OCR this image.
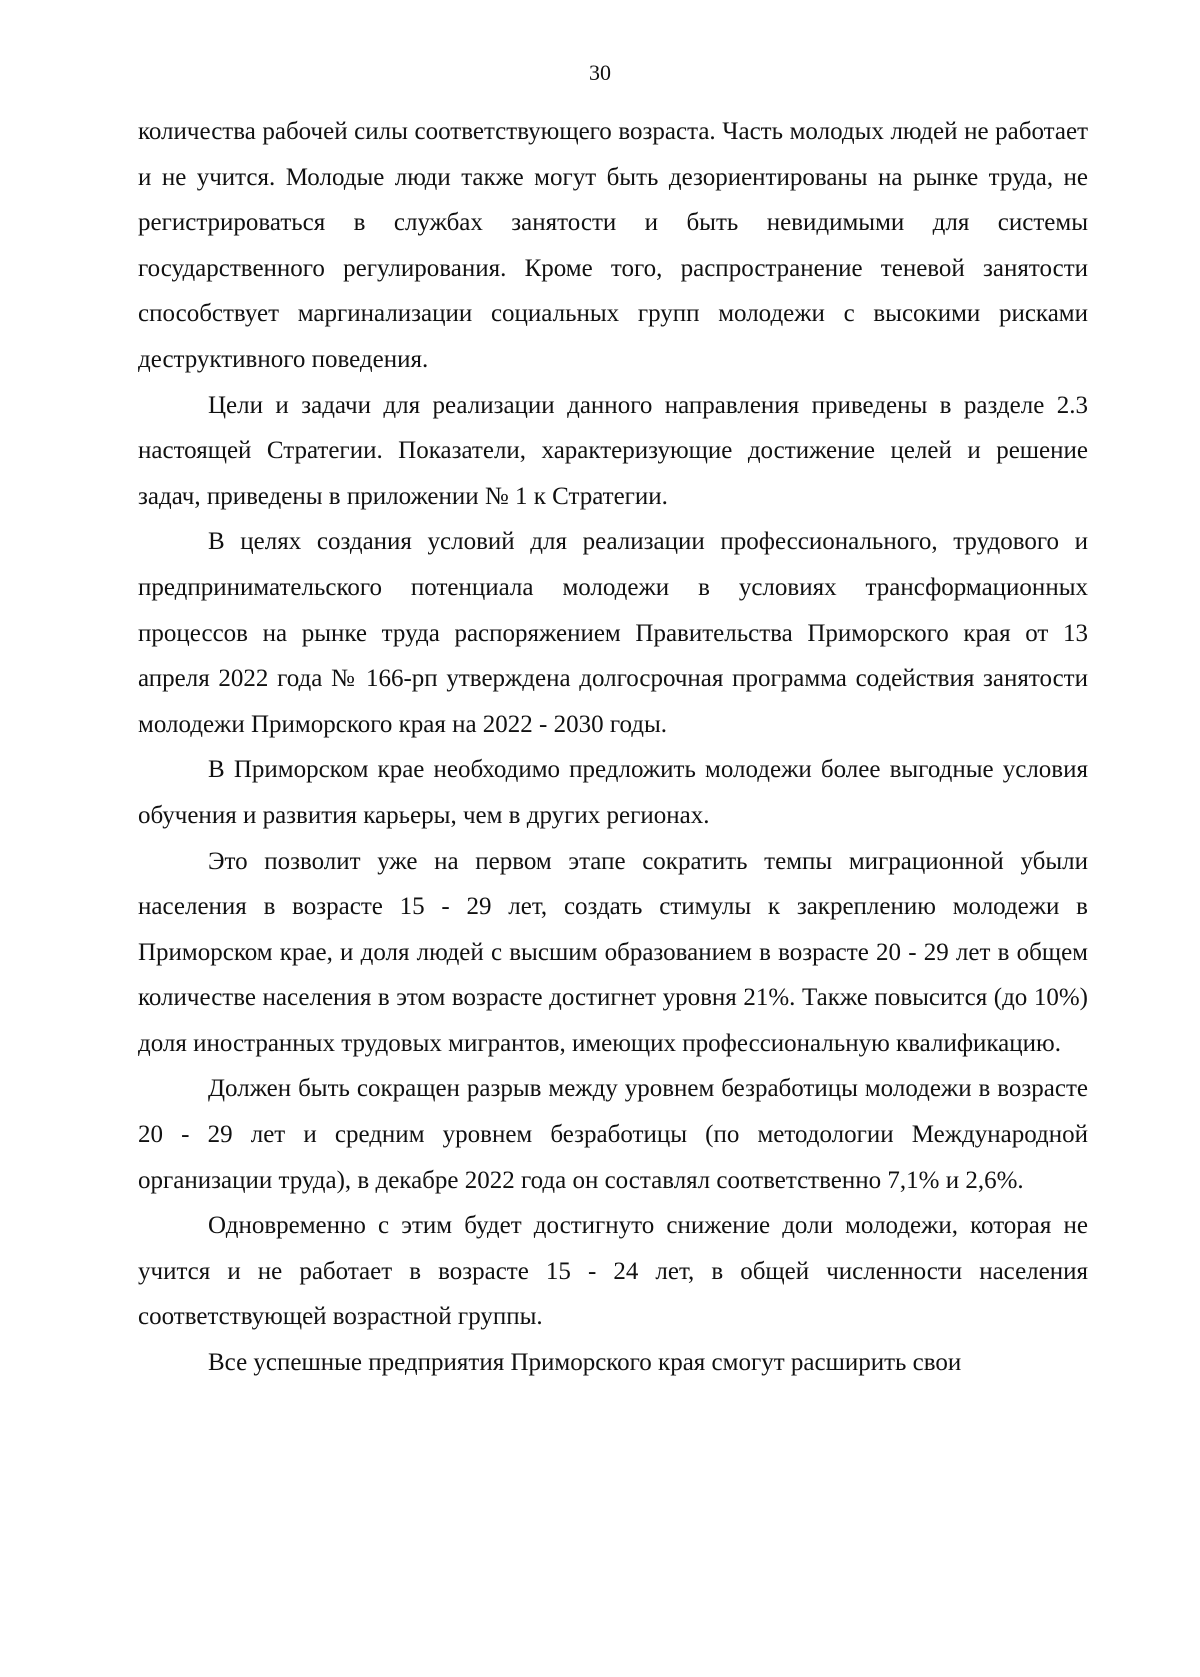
30

количества рабочей силы соответствующего возраста. Часть молодых людей не работает и не учится. Молодые люди также могут быть дезориентированы на рынке труда, не регистрироваться в службах занятости и быть невидимыми для системы государственного регулирования. Кроме того, распространение теневой занятости способствует маргинализации социальных групп молодежи с высокими рисками деструктивного поведения.

Цели и задачи для реализации данного направления приведены в разделе 2.3 настоящей Стратегии. Показатели, характеризующие достижение целей и решение задач, приведены в приложении № 1 к Стратегии.

В целях создания условий для реализации профессионального, трудового и предпринимательского потенциала молодежи в условиях трансформационных процессов на рынке труда распоряжением Правительства Приморского края от 13 апреля 2022 года № 166-рп утверждена долгосрочная программа содействия занятости молодежи Приморского края на 2022 - 2030 годы.

В Приморском крае необходимо предложить молодежи более выгодные условия обучения и развития карьеры, чем в других регионах.

Это позволит уже на первом этапе сократить темпы миграционной убыли населения в возрасте 15 - 29 лет, создать стимулы к закреплению молодежи в Приморском крае, и доля людей с высшим образованием в возрасте 20 - 29 лет в общем количестве населения в этом возрасте достигнет уровня 21%. Также повысится (до 10%) доля иностранных трудовых мигрантов, имеющих профессиональную квалификацию.

Должен быть сокращен разрыв между уровнем безработицы молодежи в возрасте 20 - 29 лет и средним уровнем безработицы (по методологии Международной организации труда), в декабре 2022 года он составлял соответственно 7,1% и 2,6%.

Одновременно с этим будет достигнуто снижение доли молодежи, которая не учится и не работает в возрасте 15 - 24 лет, в общей численности населения соответствующей возрастной группы.

Все успешные предприятия Приморского края смогут расширить свои
